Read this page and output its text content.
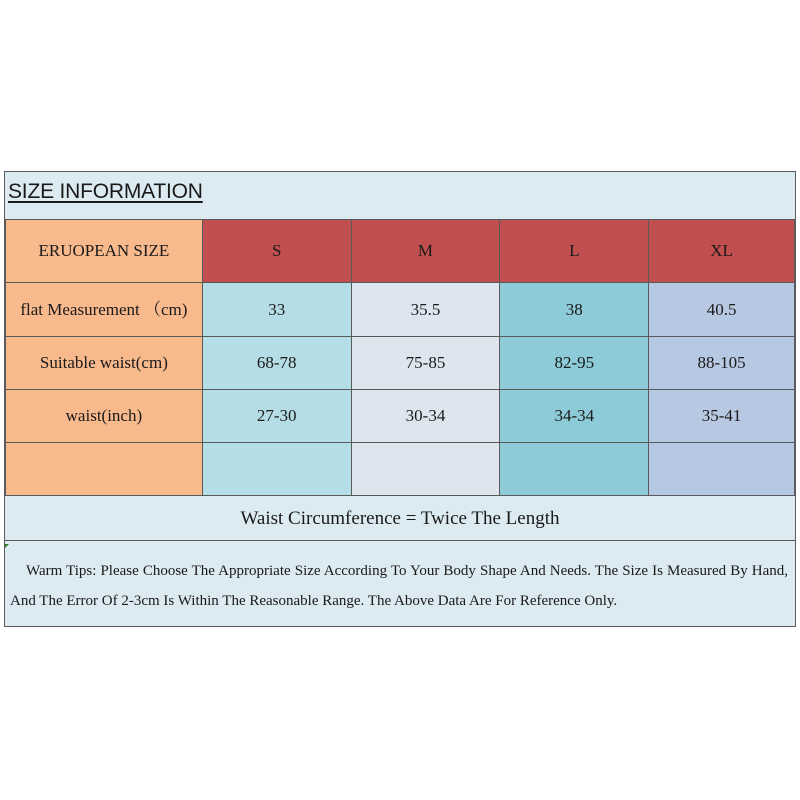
SIZE INFORMATION
ERUOPEAN SIZE	S	M	L	XL
flat Measurement （cm)	33	35.5	38	40.5
Suitable waist(cm)	68-78	75-85	82-95	88-105
waist(inch)	27-30	30-34	34-34	35-41

Waist Circumference = Twice The Length
Warm Tips: Please Choose The Appropriate Size According To Your Body Shape And Needs. The Size Is Measured By Hand, And The Error Of 2-3cm Is Within The Reasonable Range. The Above Data Are For Reference Only.
